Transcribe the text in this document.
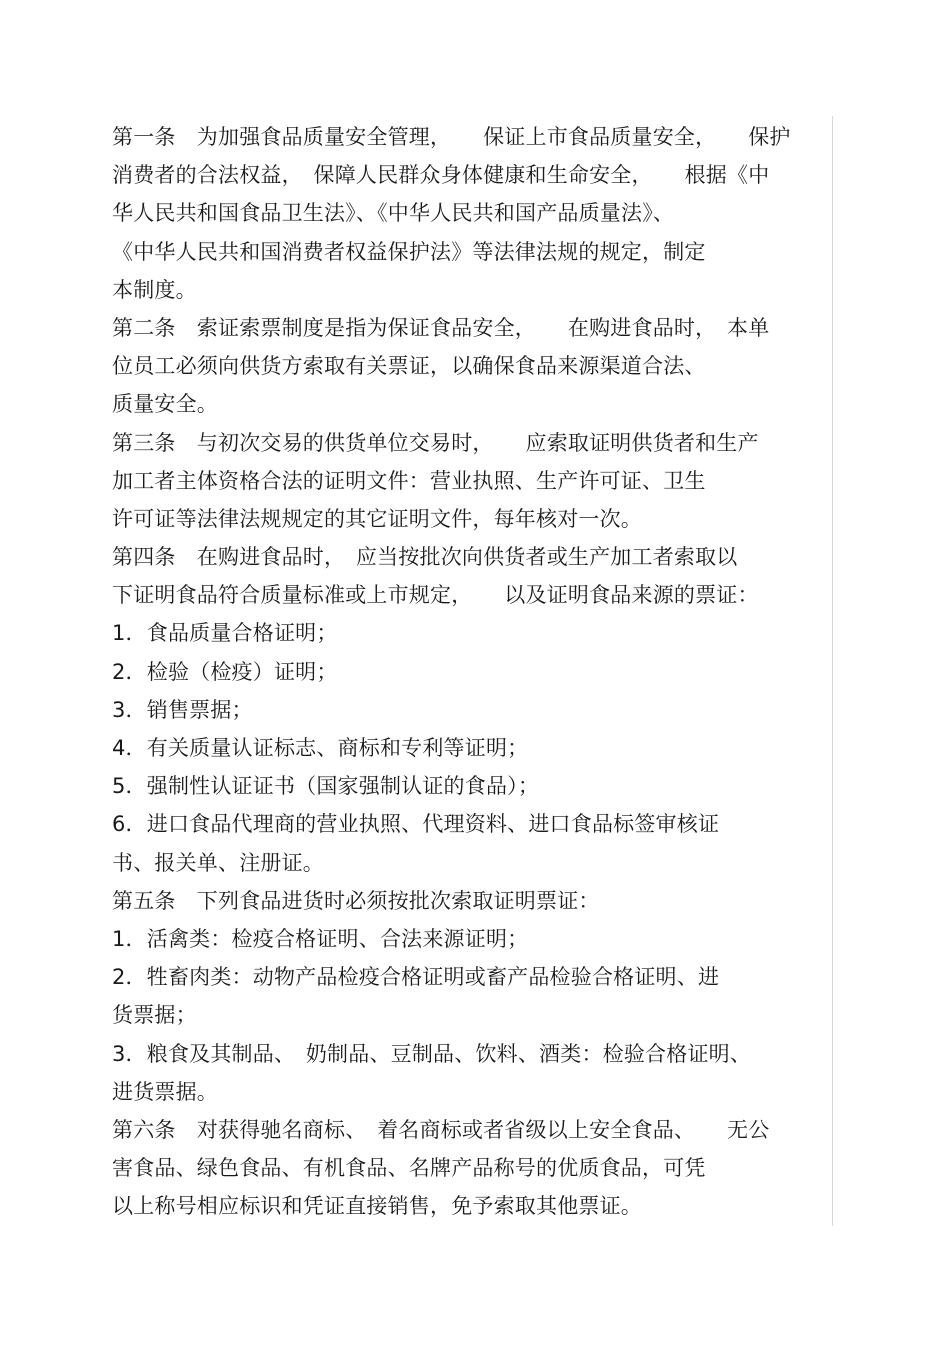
第一条　为加强食品质量安全管理，　　保证上市食品质量安全，　　保护
消费者的合法权益，　保障人民群众身体健康和生命安全，　　根据《中
华人民共和国食品卫生法》、《中华人民共和国产品质量法》、
《中华人民共和国消费者权益保护法》等法律法规的规定，制定
本制度。
第二条　索证索票制度是指为保证食品安全，　　在购进食品时，　本单
位员工必须向供货方索取有关票证，以确保食品来源渠道合法、
质量安全。
第三条　与初次交易的供货单位交易时，　　应索取证明供货者和生产
加工者主体资格合法的证明文件：营业执照、生产许可证、卫生
许可证等法律法规规定的其它证明文件，每年核对一次。
第四条　在购进食品时，　应当按批次向供货者或生产加工者索取以
下证明食品符合质量标准或上市规定，　　以及证明食品来源的票证：
1．食品质量合格证明；
2．检验（检疫）证明；
3．销售票据；
4．有关质量认证标志、商标和专利等证明；
5．强制性认证证书（国家强制认证的食品）；
6．进口食品代理商的营业执照、代理资料、进口食品标签审核证
书、报关单、注册证。
第五条　下列食品进货时必须按批次索取证明票证：
1．活禽类：检疫合格证明、合法来源证明；
2．牲畜肉类：动物产品检疫合格证明或畜产品检验合格证明、进
货票据；
3．粮食及其制品、　奶制品、豆制品、饮料、酒类：检验合格证明、
进货票据。
第六条　对获得驰名商标、　着名商标或者省级以上安全食品、　　无公
害食品、绿色食品、有机食品、名牌产品称号的优质食品，可凭
以上称号相应标识和凭证直接销售，免予索取其他票证。
